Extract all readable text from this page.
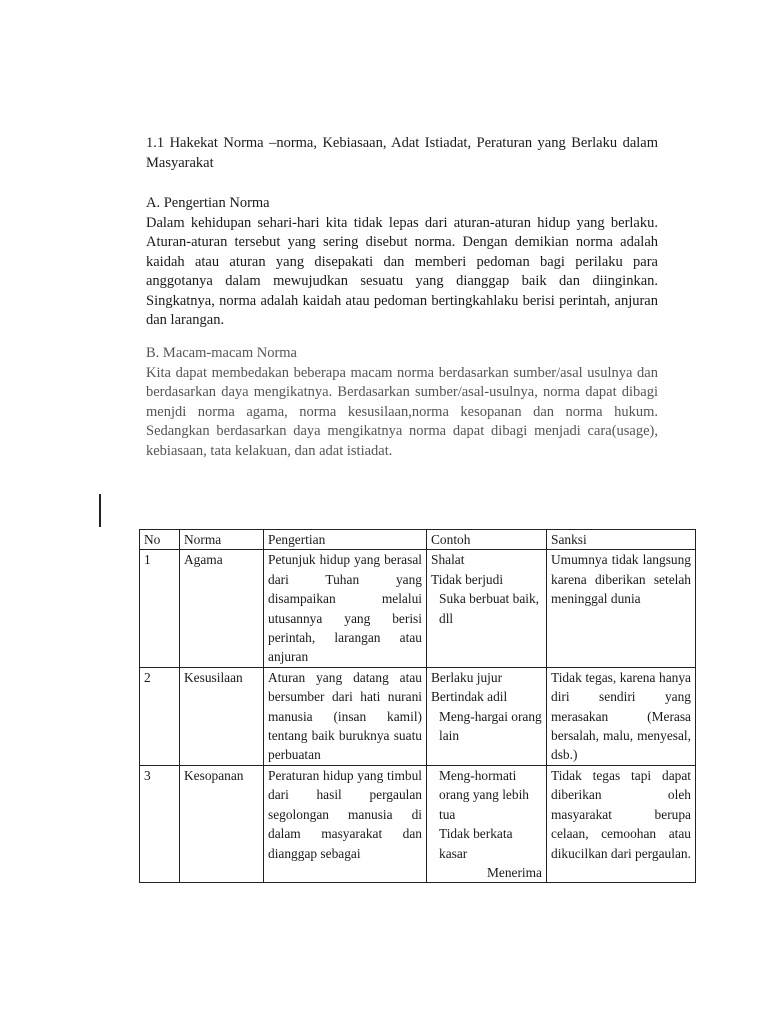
1.1 Hakekat Norma –norma, Kebiasaan, Adat Istiadat, Peraturan yang Berlaku dalam Masyarakat
A. Pengertian Norma

Dalam kehidupan sehari-hari kita tidak lepas dari aturan-aturan hidup yang berlaku. Aturan-aturan tersebut yang sering disebut norma. Dengan demikian norma adalah kaidah atau aturan yang disepakati dan memberi pedoman bagi perilaku para anggotanya dalam mewujudkan sesuatu yang dianggap baik dan diinginkan. Singkatnya, norma adalah kaidah atau pedoman bertingkahlaku berisi perintah, anjuran dan larangan.

B. Macam-macam Norma

Kita dapat membedakan beberapa macam norma berdasarkan sumber/asal usulnya dan berdasarkan daya mengikatnya. Berdasarkan sumber/asal-usulnya, norma dapat dibagi menjdi norma agama, norma kesusilaan,norma kesopanan dan norma hukum. Sedangkan berdasarkan daya mengikatnya norma dapat dibagi menjadi cara(usage), kebiasaan, tata kelakuan, dan adat istiadat.

No	Norma	Pengertian	Contoh	Sanksi
1	Agama	Petunjuk hidup yang berasal dari Tuhan yang disampaikan melalui utusannya yang berisi perintah, larangan atau anjuran	Shalat
Tidak berjudi
Suka berbuat baik, dll	Umumnya tidak langsung karena diberikan setelah meninggal dunia
2	Kesusilaan	Aturan yang datang atau bersumber dari hati nurani manusia (insan kamil) tentang baik buruknya suatu perbuatan	Berlaku jujur
Bertindak adil
Meng-hargai orang lain	Tidak tegas, karena hanya diri sendiri yang merasakan (Merasa bersalah, malu, menyesal, dsb.)
3	Kesopanan	Peraturan hidup yang timbul dari hasil pergaulan segolongan manusia di dalam masyarakat dan dianggap sebagai	Meng-hormati orang yang lebih tua
Tidak berkata kasar
Menerima	Tidak tegas tapi dapat diberikan oleh masyarakat berupa celaan, cemoohan atau dikucilkan dari pergaulan.
